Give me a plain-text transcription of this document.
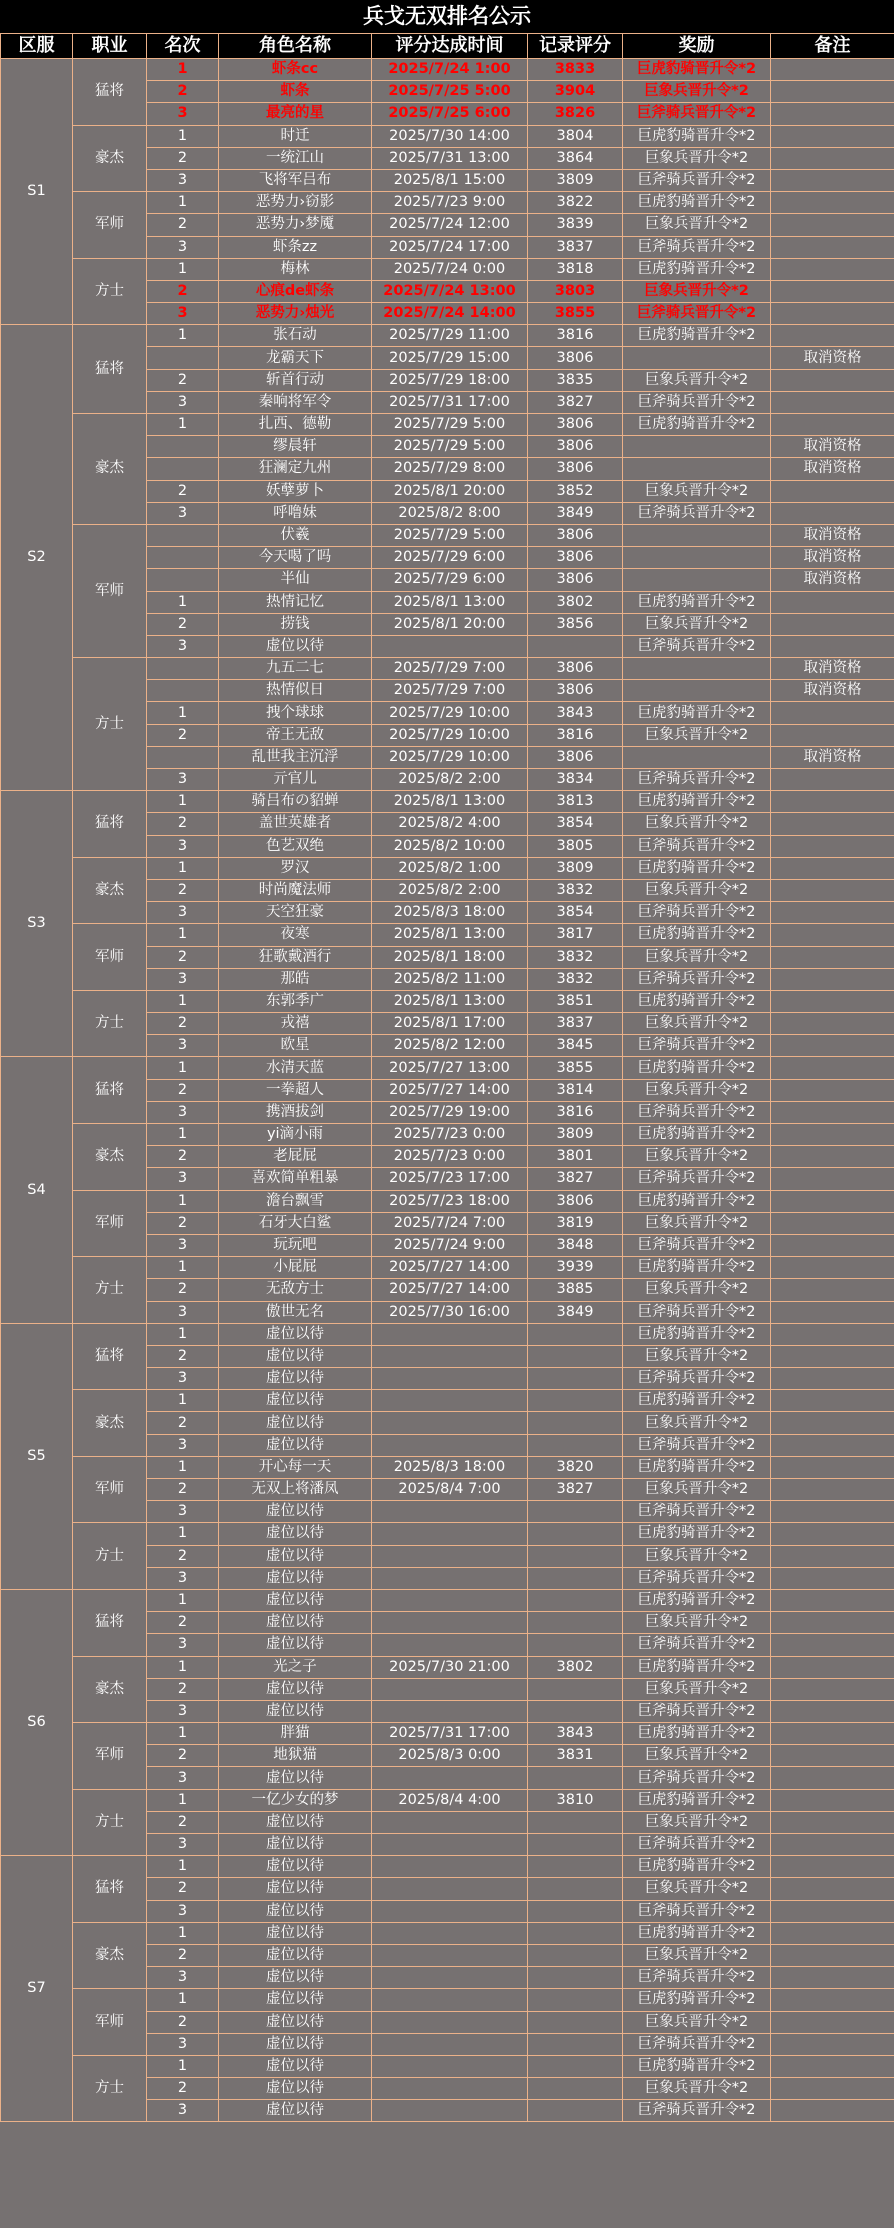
兵戈无双排名公示
区服	职业	名次	角色名称	评分达成时间	记录评分	奖励	备注
S1	猛将	1	虾条cc	2025/7/24 1:00	3833	巨虎豹骑晋升令*2	
		2	虾条	2025/7/25 5:00	3904	巨象兵晋升令*2	
		3	最亮的星	2025/7/25 6:00	3826	巨斧骑兵晋升令*2	
	豪杰	1	时迁	2025/7/30 14:00	3804	巨虎豹骑晋升令*2	
		2	一统江山	2025/7/31 13:00	3864	巨象兵晋升令*2	
		3	飞将军吕布	2025/8/1 15:00	3809	巨斧骑兵晋升令*2	
	军师	1	恶势力›窃影	2025/7/23 9:00	3822	巨虎豹骑晋升令*2	
		2	恶势力›梦魇	2025/7/24 12:00	3839	巨象兵晋升令*2	
		3	虾条zz	2025/7/24 17:00	3837	巨斧骑兵晋升令*2	
	方士	1	梅林	2025/7/24 0:00	3818	巨虎豹骑晋升令*2	
		2	心痕de虾条	2025/7/24 13:00	3803	巨象兵晋升令*2	
		3	恶势力›烛光	2025/7/24 14:00	3855	巨斧骑兵晋升令*2	
S2	猛将	1	张石动	2025/7/29 11:00	3816	巨虎豹骑晋升令*2	
			龙霸天下	2025/7/29 15:00	3806		取消资格
		2	斩首行动	2025/7/29 18:00	3835	巨象兵晋升令*2	
		3	秦响将军令	2025/7/31 17:00	3827	巨斧骑兵晋升令*2	
	豪杰	1	扎西、德勒	2025/7/29 5:00	3806	巨虎豹骑晋升令*2	
			缪晨轩	2025/7/29 5:00	3806		取消资格
			狂澜定九州	2025/7/29 8:00	3806		取消资格
		2	妖孽萝卜	2025/8/1 20:00	3852	巨象兵晋升令*2	
		3	呼噜妹	2025/8/2 8:00	3849	巨斧骑兵晋升令*2	
	军师		伏羲	2025/7/29 5:00	3806		取消资格
			今天喝了吗	2025/7/29 6:00	3806		取消资格
			半仙	2025/7/29 6:00	3806		取消资格
		1	热情记忆	2025/8/1 13:00	3802	巨虎豹骑晋升令*2	
		2	捞钱	2025/8/1 20:00	3856	巨象兵晋升令*2	
		3	虚位以待			巨斧骑兵晋升令*2	
	方士		九五二七	2025/7/29 7:00	3806		取消资格
			热情似日	2025/7/29 7:00	3806		取消资格
		1	拽个球球	2025/7/29 10:00	3843	巨虎豹骑晋升令*2	
		2	帝王无敌	2025/7/29 10:00	3816	巨象兵晋升令*2	
			乱世我主沉浮	2025/7/29 10:00	3806		取消资格
		3	亓官儿	2025/8/2 2:00	3834	巨斧骑兵晋升令*2	
S3	猛将	1	骑吕布の貂蝉	2025/8/1 13:00	3813	巨虎豹骑晋升令*2	
		2	盖世英雄者	2025/8/2 4:00	3854	巨象兵晋升令*2	
		3	色艺双绝	2025/8/2 10:00	3805	巨斧骑兵晋升令*2	
	豪杰	1	罗汉	2025/8/2 1:00	3809	巨虎豹骑晋升令*2	
		2	时尚魔法师	2025/8/2 2:00	3832	巨象兵晋升令*2	
		3	天空狂豪	2025/8/3 18:00	3854	巨斧骑兵晋升令*2	
	军师	1	夜寒	2025/8/1 13:00	3817	巨虎豹骑晋升令*2	
		2	狂歌戴酒行	2025/8/1 18:00	3832	巨象兵晋升令*2	
		3	那皓	2025/8/2 11:00	3832	巨斧骑兵晋升令*2	
	方士	1	东郭季广	2025/8/1 13:00	3851	巨虎豹骑晋升令*2	
		2	戎禧	2025/8/1 17:00	3837	巨象兵晋升令*2	
		3	欧星	2025/8/2 12:00	3845	巨斧骑兵晋升令*2	
S4	猛将	1	水清天蓝	2025/7/27 13:00	3855	巨虎豹骑晋升令*2	
		2	一拳超人	2025/7/27 14:00	3814	巨象兵晋升令*2	
		3	携酒拔剑	2025/7/29 19:00	3816	巨斧骑兵晋升令*2	
	豪杰	1	yi滴小雨	2025/7/23 0:00	3809	巨虎豹骑晋升令*2	
		2	老屁屁	2025/7/23 0:00	3801	巨象兵晋升令*2	
		3	喜欢简单粗暴	2025/7/23 17:00	3827	巨斧骑兵晋升令*2	
	军师	1	澹台飘雪	2025/7/23 18:00	3806	巨虎豹骑晋升令*2	
		2	石牙大白鲨	2025/7/24 7:00	3819	巨象兵晋升令*2	
		3	玩玩吧	2025/7/24 9:00	3848	巨斧骑兵晋升令*2	
	方士	1	小屁屁	2025/7/27 14:00	3939	巨虎豹骑晋升令*2	
		2	无敌方士	2025/7/27 14:00	3885	巨象兵晋升令*2	
		3	傲世无名	2025/7/30 16:00	3849	巨斧骑兵晋升令*2	
S5	猛将	1	虚位以待			巨虎豹骑晋升令*2	
		2	虚位以待			巨象兵晋升令*2	
		3	虚位以待			巨斧骑兵晋升令*2	
	豪杰	1	虚位以待			巨虎豹骑晋升令*2	
		2	虚位以待			巨象兵晋升令*2	
		3	虚位以待			巨斧骑兵晋升令*2	
	军师	1	开心每一天	2025/8/3 18:00	3820	巨虎豹骑晋升令*2	
		2	无双上将潘凤	2025/8/4 7:00	3827	巨象兵晋升令*2	
		3	虚位以待			巨斧骑兵晋升令*2	
	方士	1	虚位以待			巨虎豹骑晋升令*2	
		2	虚位以待			巨象兵晋升令*2	
		3	虚位以待			巨斧骑兵晋升令*2	
S6	猛将	1	虚位以待			巨虎豹骑晋升令*2	
		2	虚位以待			巨象兵晋升令*2	
		3	虚位以待			巨斧骑兵晋升令*2	
	豪杰	1	光之子	2025/7/30 21:00	3802	巨虎豹骑晋升令*2	
		2	虚位以待			巨象兵晋升令*2	
		3	虚位以待			巨斧骑兵晋升令*2	
	军师	1	胖猫	2025/7/31 17:00	3843	巨虎豹骑晋升令*2	
		2	地狱猫	2025/8/3 0:00	3831	巨象兵晋升令*2	
		3	虚位以待			巨斧骑兵晋升令*2	
	方士	1	一亿少女的梦	2025/8/4 4:00	3810	巨虎豹骑晋升令*2	
		2	虚位以待			巨象兵晋升令*2	
		3	虚位以待			巨斧骑兵晋升令*2	
S7	猛将	1	虚位以待			巨虎豹骑晋升令*2	
		2	虚位以待			巨象兵晋升令*2	
		3	虚位以待			巨斧骑兵晋升令*2	
	豪杰	1	虚位以待			巨虎豹骑晋升令*2	
		2	虚位以待			巨象兵晋升令*2	
		3	虚位以待			巨斧骑兵晋升令*2	
	军师	1	虚位以待			巨虎豹骑晋升令*2	
		2	虚位以待			巨象兵晋升令*2	
		3	虚位以待			巨斧骑兵晋升令*2	
	方士	1	虚位以待			巨虎豹骑晋升令*2	
		2	虚位以待			巨象兵晋升令*2	
		3	虚位以待			巨斧骑兵晋升令*2	
